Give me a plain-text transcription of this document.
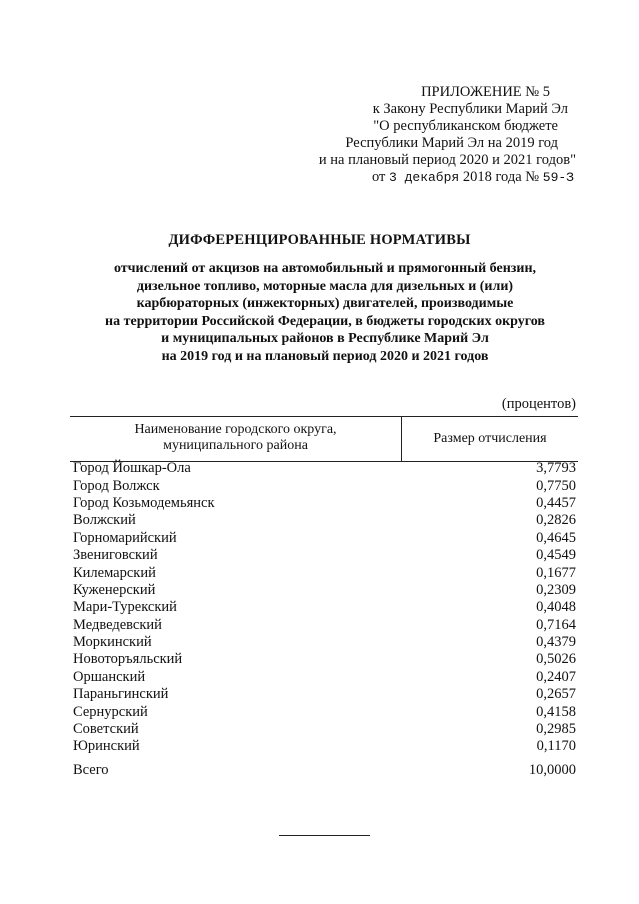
ПРИЛОЖЕНИЕ № 5
к Закону Республики Марий Эл
"О республиканском бюджете
Республики Марий Эл на 2019 год
и на плановый период 2020 и 2021 годов"
от 3 декабря 2018 года № 59-З
ДИФФЕРЕНЦИРОВАННЫЕ НОРМАТИВЫ
отчислений от акцизов на автомобильный и прямогонный бензин,
дизельное топливо, моторные масла для дизельных и (или)
карбюраторных (инжекторных) двигателей, производимые
на территории Российской Федерации, в бюджеты городских округов
и муниципальных районов в Республике Марий Эл
на 2019 год и на плановый период 2020 и 2021 годов
(процентов)
Наименование городского округа,
муниципального района	Размер отчисления
Город Йошкар-Ола	3,7793
Город Волжск	0,7750
Город Козьмодемьянск	0,4457
Волжский	0,2826
Горномарийский	0,4645
Звениговский	0,4549
Килемарский	0,1677
Куженерский	0,2309
Мари-Турекский	0,4048
Медведевский	0,7164
Моркинский	0,4379
Новоторъяльский	0,5026
Оршанский	0,2407
Параньгинский	0,2657
Сернурский	0,4158
Советский	0,2985
Юринский	0,1170
Всего	10,0000
